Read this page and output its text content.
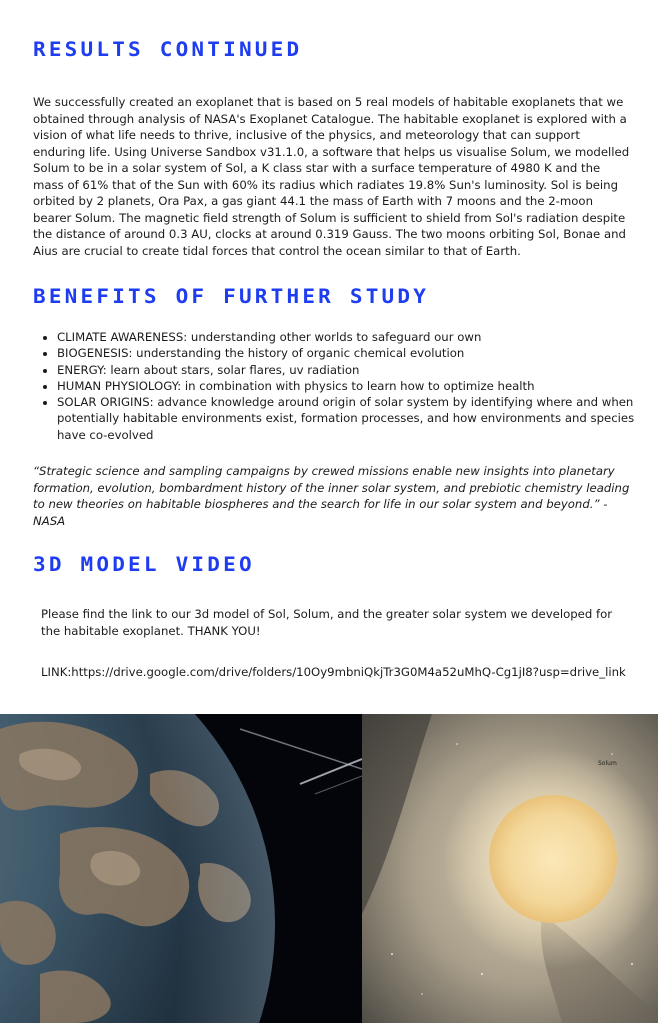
RESULTS CONTINUED

We successfully created an exoplanet that is based on 5 real models of habitable exoplanets that we obtained through analysis of NASA's Exoplanet Catalogue. The habitable exoplanet is explored with a vision of what life needs to thrive, inclusive of the physics, and meteorology that can support enduring life. Using Universe Sandbox v31.1.0, a software that helps us visualise Solum, we modelled Solum to be in a solar system of Sol, a K class star with a surface temperature of 4980 K and the mass of 61% that of the Sun with 60% its radius which radiates 19.8% Sun's luminosity. Sol is being orbited by 2 planets, Ora Pax, a gas giant 44.1 the mass of Earth with 7 moons and the 2-moon bearer Solum. The magnetic field strength of Solum is sufficient to shield from Sol's radiation despite the distance of around 0.3 AU, clocks at around 0.319 Gauss. The two moons orbiting Sol, Bonae and Aius are crucial to create tidal forces that control the ocean similar to that of Earth.

BENEFITS OF FURTHER STUDY
• CLIMATE AWARENESS: understanding other worlds to safeguard our own
• BIOGENESIS: understanding the history of organic chemical evolution
• ENERGY: learn about stars, solar flares, uv radiation
• HUMAN PHYSIOLOGY: in combination with physics to learn how to optimize health
• SOLAR ORIGINS: advance knowledge around origin of solar system by identifying where and when potentially habitable environments exist, formation processes, and how environments and species have co-evolved

“Strategic science and sampling campaigns by crewed missions enable new insights into planetary formation, evolution, bombardment history of the inner solar system, and prebiotic chemistry leading to new theories on habitable biospheres and the search for life in our solar system and beyond.” - NASA

3D MODEL VIDEO

Please find the link to our 3d model of Sol, Solum, and the greater solar system we developed for the habitable exoplanet. THANK YOU!

LINK:https://drive.google.com/drive/folders/10Oy9mbniQkjTr3G0M4a52uMhQ-Cg1jI8?usp=drive_link

Solum
